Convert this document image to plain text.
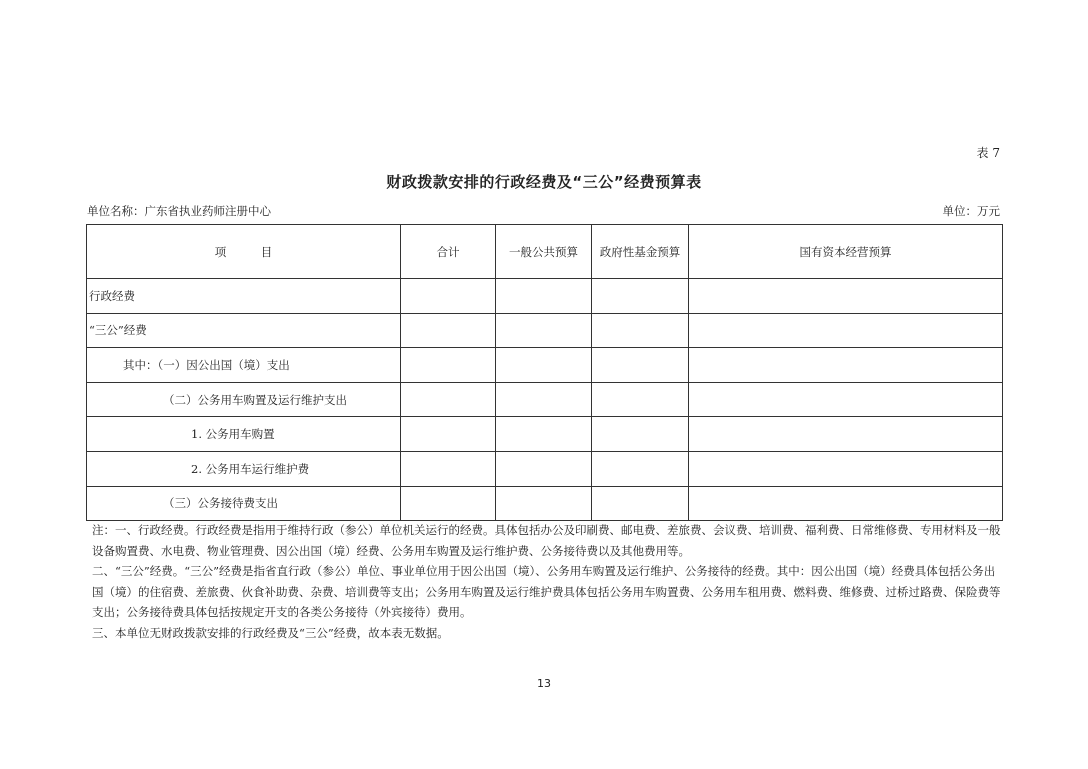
表 7
财政拨款安排的行政经费及“三公”经费预算表
单位名称：广东省执业药师注册中心	单位：万元
项　　　目	合计	一般公共预算	政府性基金预算	国有资本经营预算
行政经费				
“三公”经费				
其中：（一）因公出国（境）支出				
（二）公务用车购置及运行维护支出				
1. 公务用车购置				
2. 公务用车运行维护费				
（三）公务接待费支出				

注：一、行政经费。行政经费是指用于维持行政（参公）单位机关运行的经费。具体包括办公及印刷费、邮电费、差旅费、会议费、培训费、福利费、日常维修费、专用材料及一般设备购置费、水电费、物业管理费、因公出国（境）经费、公务用车购置及运行维护费、公务接待费以及其他费用等。

二、“三公”经费。“三公”经费是指省直行政（参公）单位、事业单位用于因公出国（境）、公务用车购置及运行维护、公务接待的经费。其中：因公出国（境）经费具体包括公务出国（境）的住宿费、差旅费、伙食补助费、杂费、培训费等支出；公务用车购置及运行维护费具体包括公务用车购置费、公务用车租用费、燃料费、维修费、过桥过路费、保险费等支出；公务接待费具体包括按规定开支的各类公务接待（外宾接待）费用。

三、本单位无财政拨款安排的行政经费及“三公”经费，故本表无数据。

13
